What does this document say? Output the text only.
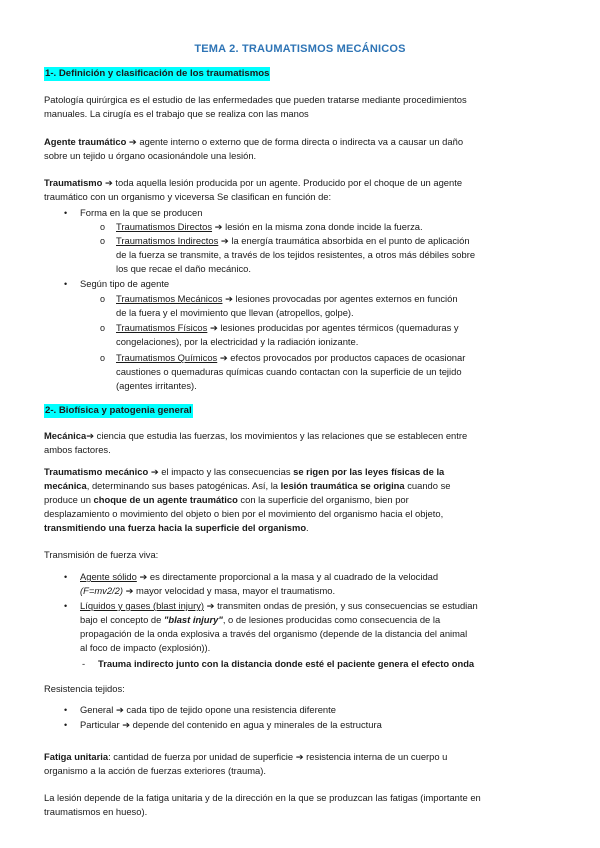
TEMA 2. TRAUMATISMOS MECÁNICOS
1-. Definición y clasificación de los traumatismos

Patología quirúrgica es el estudio de las enfermedades que pueden tratarse mediante procedimientos

manuales. La cirugía es el trabajo que se realiza con las manos

Agente traumático ➔ agente interno o externo que de forma directa o indirecta va a causar un daño

sobre un tejido u órgano ocasionándole una lesión.

Traumatismo ➔ toda aquella lesión producida por un agente. Producido por el choque de un agente

traumático con un organismo y viceversa Se clasifican en función de:

• Forma en la que se producen
o Traumatismos Directos ➔ lesión en la misma zona donde incide la fuerza.

o Traumatismos Indirectos ➔ la energía traumática absorbida en el punto de aplicación

de la fuerza se transmite, a través de los tejidos resistentes, a otros más débiles sobre

los que recae el daño mecánico.

• Según tipo de agente
o Traumatismos Mecánicos ➔ lesiones provocadas por agentes externos en función

de la fuera y el movimiento que llevan (atropellos, golpe).

o Traumatismos Físicos ➔ lesiones producidas por agentes térmicos (quemaduras y

congelaciones), por la electricidad y la radiación ionizante.

o Traumatismos Químicos ➔ efectos provocados por productos capaces de ocasionar

caustiones o quemaduras químicas cuando contactan con la superficie de un tejido

(agentes irritantes).

2-. Biofísica y patogenia general

Mecánica➔ ciencia que estudia las fuerzas, los movimientos y las relaciones que se establecen entre

ambos factores.

Traumatismo mecánico ➔ el impacto y las consecuencias se rigen por las leyes físicas de la

mecánica, determinando sus bases patogénicas. Así, la lesión traumática se origina cuando se

produce un choque de un agente traumático con la superficie del organismo, bien por

desplazamiento o movimiento del objeto o bien por el movimiento del organismo hacia el objeto,

transmitiendo una fuerza hacia la superficie del organismo.

Transmisión de fuerza viva:
• Agente sólido ➔ es directamente proporcional a la masa y al cuadrado de la velocidad

(F=mv2/2) ➔ mayor velocidad y masa, mayor el traumatismo.

• Líquidos y gases (blast injury) ➔ transmiten ondas de presión, y sus consecuencias se estudian

bajo el concepto de "blast injury", o de lesiones producidas como consecuencia de la

propagación de la onda explosiva a través del organismo (depende de la distancia del animal

al foco de impacto (explosión)).

- Trauma indirecto junto con la distancia donde esté el paciente genera el efecto onda
Resistencia tejidos:
• General ➔ cada tipo de tejido opone una resistencia diferente
• Particular ➔ depende del contenido en agua y minerales de la estructura

Fatiga unitaria: cantidad de fuerza por unidad de superficie ➔ resistencia interna de un cuerpo u

organismo a la acción de fuerzas exteriores (trauma).

La lesión depende de la fatiga unitaria y de la dirección en la que se produzcan las fatigas (importante en

traumatismos en hueso).
